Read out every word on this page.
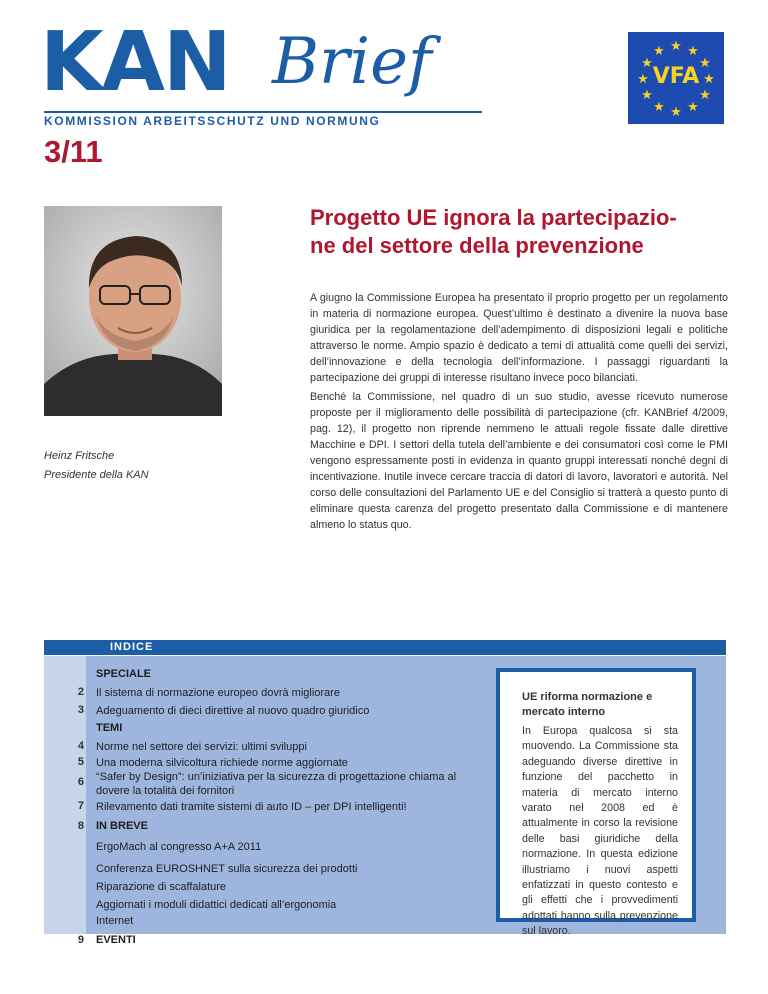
KAN Brief
KOMMISSION ARBEITSSCHUTZ UND NORMUNG
3/11
★ ★
★
★
★
★
★
★
★
★
★
★
VFA
Heinz Fritsche
Presidente della KAN
Progetto UE ignora la partecipazio-
ne del settore della prevenzione
A giugno la Commissione Europea ha presentato il proprio progetto per un regolamento in materia di normazione europea. Quest’ultimo è destinato a divenire la nuova base giuridica per la regolamentazione dell’adempimento di disposizioni legali e politiche attraverso le norme. Ampio spazio è dedicato a temi di attualità come quelli dei servizi, dell’innovazione e della tecnologia dell’informazione. I passaggi riguardanti la partecipazione dei gruppi di interesse risultano invece poco bilanciati.
Benché la Commissione, nel quadro di un suo studio, avesse ricevuto numerose proposte per il miglioramento delle possibilità di partecipazione (cfr. KANBrief 4/2009, pag. 12), il progetto non riprende nemmeno le attuali regole fissate dalle direttive Macchine e DPI. I settori della tutela dell’ambiente e dei consumatori così come le PMI vengono espressamente posti in evidenza in quanto gruppi interessati nonché degni di incentivazione. Inutile invece cercare traccia di datori di lavoro, lavoratori e autorità. Nel corso delle consultazioni del Parlamento UE e del Consiglio si tratterà a questo punto di eliminare questa carenza del progetto presentato dalla Commissione e di mantenere almeno lo status quo.
INDICE
SPECIALE
2 Il sistema di normazione europeo dovrà migliorare
3 Adeguamento di dieci direttive al nuovo quadro giuridico
TEMI
4 Norme nel settore dei servizi: ultimi sviluppi
5 Una moderna silvicoltura richiede norme aggiornate
6 “Safer by Design”: un’iniziativa per la sicurezza di progettazione chiama al dovere la totalità dei fornitori
7 Rilevamento dati tramite sistemi di auto ID – per DPI intelligenti!
8 IN BREVE
ErgoMach al congresso A+A 2011
Conferenza EUROSHNET sulla sicurezza dei prodotti
Riparazione di scaffalature
Aggiornati i moduli didattici dedicati all’ergonomia
Internet
9 EVENTI
UE riforma normazione e mercato interno
In Europa qualcosa si sta muovendo. La Commissione sta adeguando diverse direttive in funzione del pacchetto in materia di mercato interno varato nel 2008 ed è attualmente in corso la revisione delle basi giuridiche della normazione. In questa edizione illustriamo i nuovi aspetti enfatizzati in questo contesto e gli effetti che i provvedimenti adottati hanno sulla prevenzione sul lavoro.
